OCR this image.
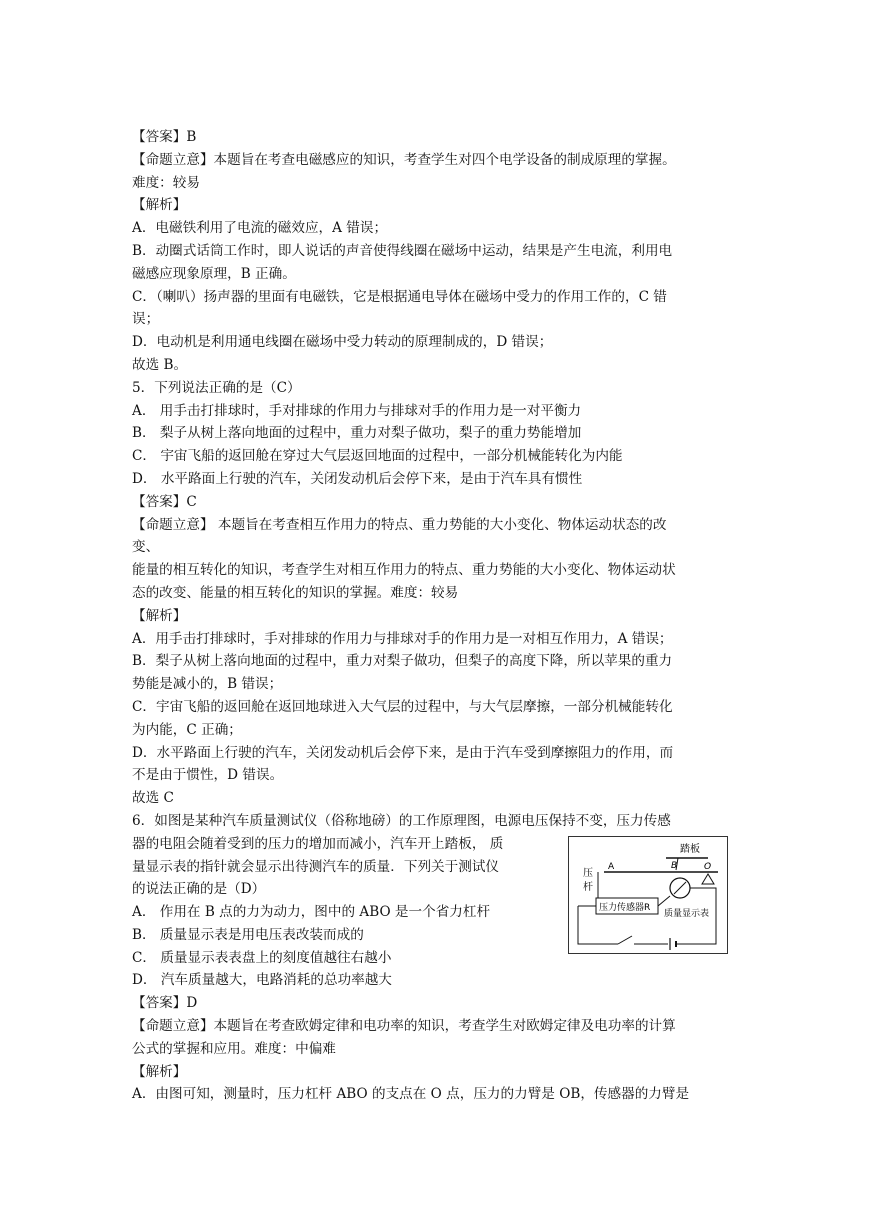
【答案】B
【命题立意】本题旨在考查电磁感应的知识，考查学生对四个电学设备的制成原理的掌握。
难度：较易
【解析】
A．电磁铁利用了电流的磁效应，A 错误；
B．动圈式话筒工作时，即人说话的声音使得线圈在磁场中运动，结果是产生电流，利用电
磁感应现象原理，B 正确。
C．（喇叭）扬声器的里面有电磁铁，它是根据通电导体在磁场中受力的作用工作的，C 错
误；
D．电动机是利用通电线圈在磁场中受力转动的原理制成的，D 错误；
故选 B。
5．下列说法正确的是（C）
A． 用手击打排球时，手对排球的作用力与排球对手的作用力是一对平衡力
B． 梨子从树上落向地面的过程中，重力对梨子做功，梨子的重力势能增加
C． 宇宙飞船的返回舱在穿过大气层返回地面的过程中，一部分机械能转化为内能
D． 水平路面上行驶的汽车，关闭发动机后会停下来，是由于汽车具有惯性
【答案】C
【命题立意】 本题旨在考查相互作用力的特点、重力势能的大小变化、物体运动状态的改
变、
能量的相互转化的知识，考查学生对相互作用力的特点、重力势能的大小变化、物体运动状
态的改变、能量的相互转化的知识的掌握。难度：较易
【解析】
A．用手击打排球时，手对排球的作用力与排球对手的作用力是一对相互作用力，A 错误；
B．梨子从树上落向地面的过程中，重力对梨子做功，但梨子的高度下降，所以苹果的重力
势能是减小的，B 错误；
C．宇宙飞船的返回舱在返回地球进入大气层的过程中，与大气层摩擦，一部分机械能转化
为内能，C 正确；
D．水平路面上行驶的汽车，关闭发动机后会停下来，是由于汽车受到摩擦阻力的作用，而
不是由于惯性，D 错误。
故选 C
6．如图是某种汽车质量测试仪（俗称地磅）的工作原理图，电源电压保持不变，压力传感
器的电阻会随着受到的压力的增加而减小，汽车开上踏板， 质
量显示表的指针就会显示出待测汽车的质量．下列关于测试仪
的说法正确的是（D）
A． 作用在 B 点的力为动力，图中的 ABO 是一个省力杠杆
B． 质量显示表是用电压表改装而成的
C． 质量显示表表盘上的刻度值越往右越小
D． 汽车质量越大，电路消耗的总功率越大
【答案】D
【命题立意】本题旨在考查欧姆定律和电功率的知识，考查学生对欧姆定律及电功率的计算
公式的掌握和应用。难度：中偏难
【解析】
A．由图可知，测量时，压力杠杆 ABO 的支点在 O 点，压力的力臂是 OB，传感器的力臂是
踏板
O
B
A
压
杆
压力传感器R
质量显示表
